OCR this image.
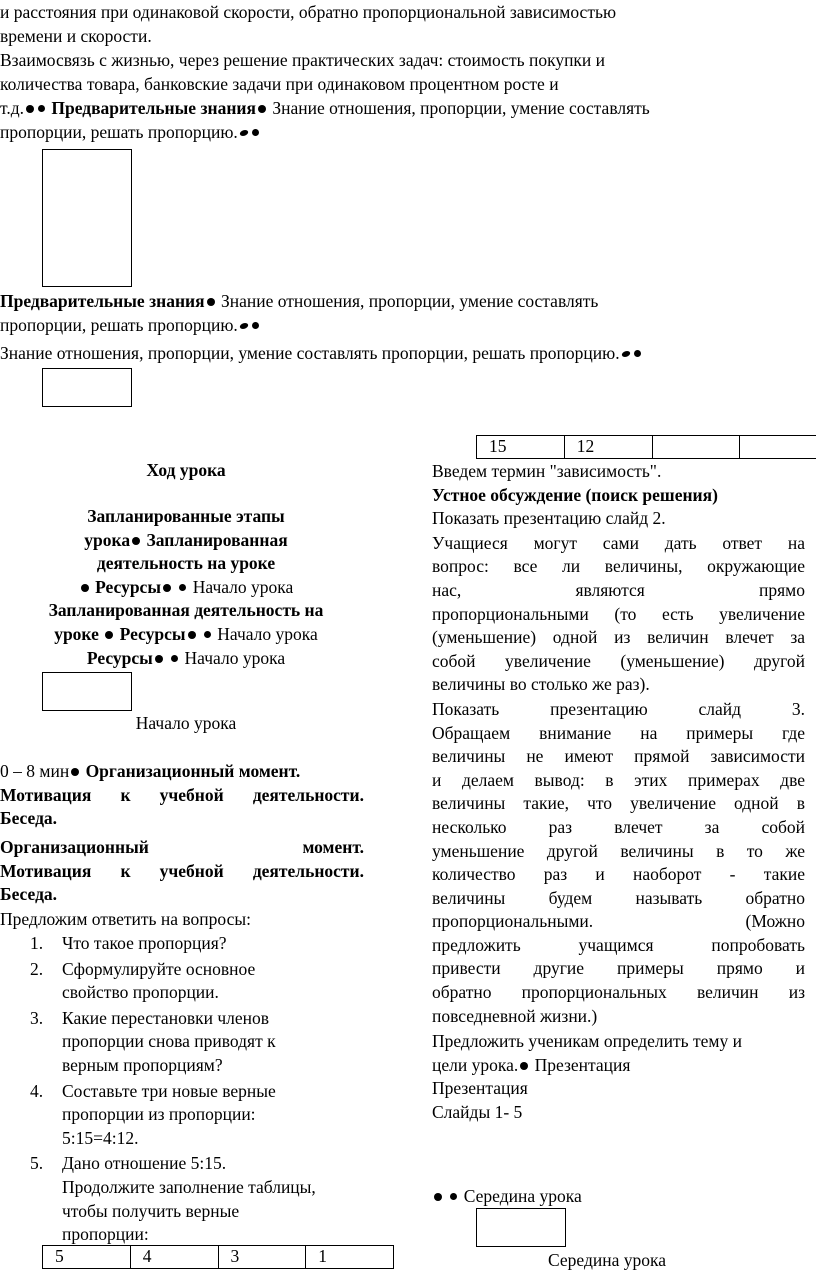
и расстояния при одинаковой скорости, обратно пропорциональной зависимостью
времени и скорости.
Взаимосвязь с жизнью, через решение практических задач: стоимость покупки и
количества товара, банковские задачи при одинаковом процентном росте и
т.д. Предварительные знания Знание отношения, пропорции, умение составлять
пропорции, решать пропорцию.
Предварительные знания Знание отношения, пропорции, умение составлять
пропорции, решать пропорцию.
Знание отношения, пропорции, умение составлять пропорции, решать пропорцию.
Ход урока
Запланированные этапы
урока Запланированная
деятельность на уроке
Ресурсы  Начало урока
Запланированная деятельность на
уроке  Ресурсы  Начало урока
Ресурсы  Начало урока
Начало урока
0 – 8 мин Организационный момент.
Мотивация к учебной деятельности.
Беседа.
Организационный	момент.
Мотивация к учебной деятельности.
Беседа.
Предложим ответить на вопросы:
1. Что такое пропорция?
2. Сформулируйте основное
свойство пропорции.
3. Какие перестановки членов
пропорции снова приводят к
верным пропорциям?
4. Составьте три новые верные
пропорции из пропорции:
5:15=4:12.
5. Дано отношение 5:15.
Продолжите заполнение таблицы,
чтобы получить верные
пропорции:
5	4	3	1
15	12		
Введем термин "зависимость".
Устное обсуждение (поиск решения)
Показать презентацию слайд 2.
Учащиеся могут сами дать ответ на
вопрос: все ли величины, окружающие
нас, являются прямо
пропорциональными (то есть увеличение
(уменьшение) одной из величин влечет за
собой увеличение (уменьшение) другой
величины во столько же раз).
Показать презентацию слайд 3.
Обращаем внимание на примеры где
величины не имеют прямой зависимости
и делаем вывод: в этих примерах две
величины такие, что увеличение одной в
несколько раз влечет за собой
уменьшение другой величины в то же
количество раз и наоборот - такие
величины будем называть обратно
пропорциональными. (Можно
предложить учащимся попробовать
привести другие примеры прямо и
обратно пропорциональных величин из
повседневной жизни.)
Предложить ученикам определить тему и
цели урока. Презентация
Презентация
Слайды 1- 5
Середина урока
Середина урока
